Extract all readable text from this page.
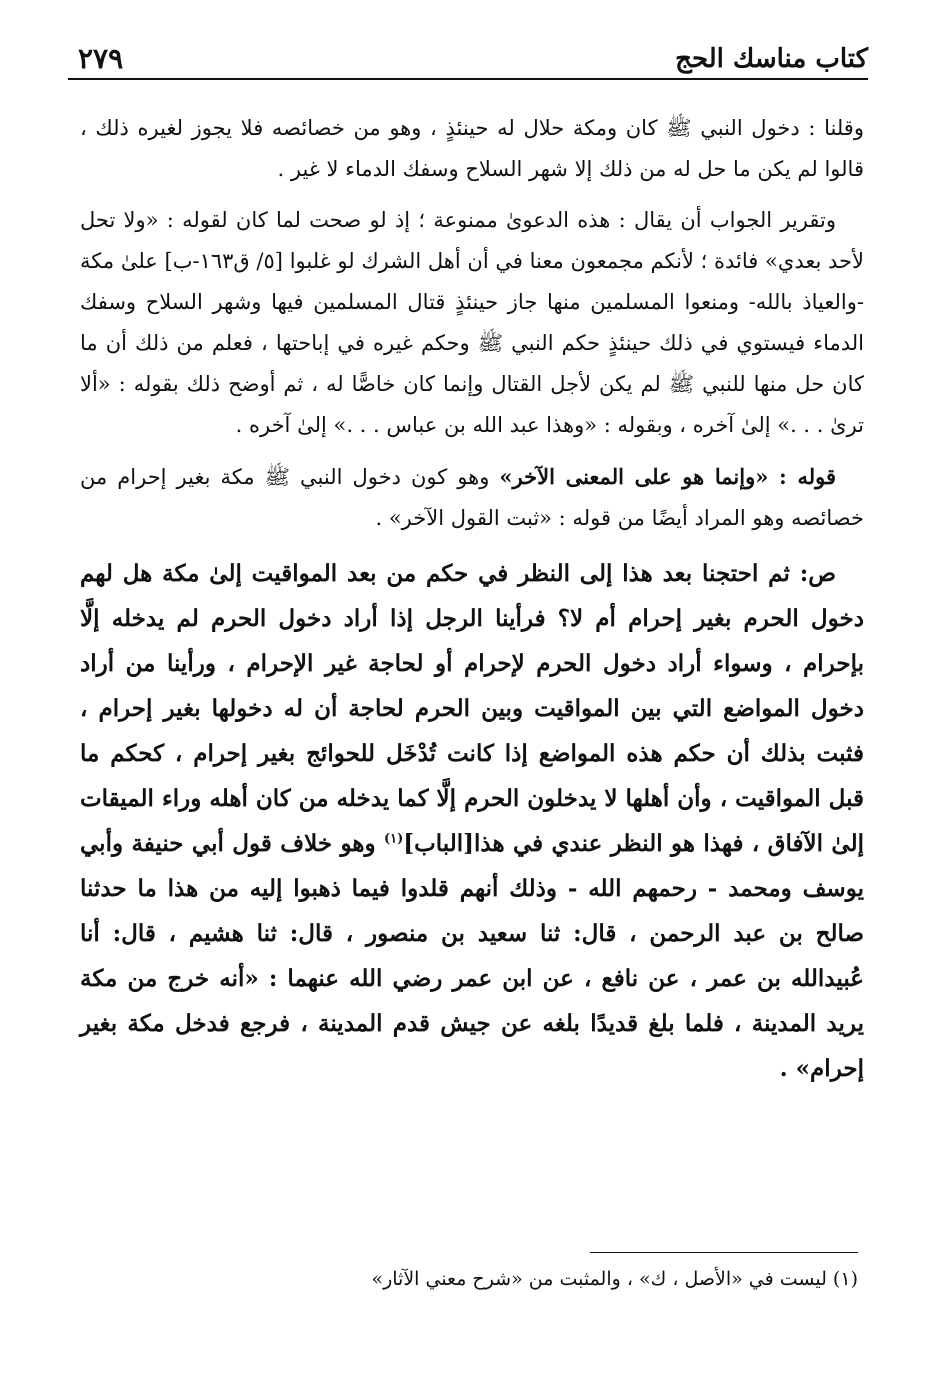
كتاب مناسك الحج
٢٧٩

وقلنا : دخول النبي ﷺ كان ومكة حلال له حينئذٍ ، وهو من خصائصه فلا يجوز لغيره ذلك ، قالوا لم يكن ما حل له من ذلك إلا شهر السلاح وسفك الدماء لا غير .

وتقرير الجواب أن يقال : هذه الدعوىٰ ممنوعة ؛ إذ لو صحت لما كان لقوله : «ولا تحل لأحد بعدي» فائدة ؛ لأنكم مجمعون معنا في أن أهل الشرك لو غلبوا [٥/ ق١٦٣-ب] علىٰ مكة -والعياذ بالله- ومنعوا المسلمين منها جاز حينئذٍ قتال المسلمين فيها وشهر السلاح وسفك الدماء فيستوي في ذلك حينئذٍ حكم النبي ﷺ وحكم غيره في إباحتها ، فعلم من ذلك أن ما كان حل منها للنبي ﷺ لم يكن لأجل القتال وإنما كان خاصًّا له ، ثم أوضح ذلك بقوله : «ألا ترىٰ . . .» إلىٰ آخره ، وبقوله : «وهذا عبد الله بن عباس . . .» إلىٰ آخره .

قوله : «وإنما هو على المعنى الآخر» وهو كون دخول النبي ﷺ مكة بغير إحرام من خصائصه وهو المراد أيضًا من قوله : «ثبت القول الآخر» .

ص: ثم احتجنا بعد هذا إلى النظر في حكم من بعد المواقيت إلىٰ مكة هل لهم دخول الحرم بغير إحرام أم لا؟ فرأينا الرجل إذا أراد دخول الحرم لم يدخله إلَّا بإحرام ، وسواء أراد دخول الحرم لإحرام أو لحاجة غير الإحرام ، ورأينا من أراد دخول المواضع التي بين المواقيت وبين الحرم لحاجة أن له دخولها بغير إحرام ، فثبت بذلك أن حكم هذه المواضع إذا كانت تُدْخَل للحوائج بغير إحرام ، كحكم ما قبل المواقيت ، وأن أهلها لا يدخلون الحرم إلَّا كما يدخله من كان أهله وراء الميقات إلىٰ الآفاق ، فهذا هو النظر عندي في هذا[الباب]$^{(١)}$ وهو خلاف قول أبي حنيفة وأبي يوسف ومحمد - رحمهم الله - وذلك أنهم قلدوا فيما ذهبوا إليه من هذا ما حدثنا صالح بن عبد الرحمن ، قال: ثنا سعيد بن منصور ، قال: ثنا هشيم ، قال: أنا عُبيدالله بن عمر ، عن نافع ، عن ابن عمر رضي الله عنهما : «أنه خرج من مكة يريد المدينة ، فلما بلغ قديدًا بلغه عن جيش قدم المدينة ، فرجع فدخل مكة بغير إحرام» .

(١) ليست في «الأصل ، ك» ، والمثبت من «شرح معني الآثار»
